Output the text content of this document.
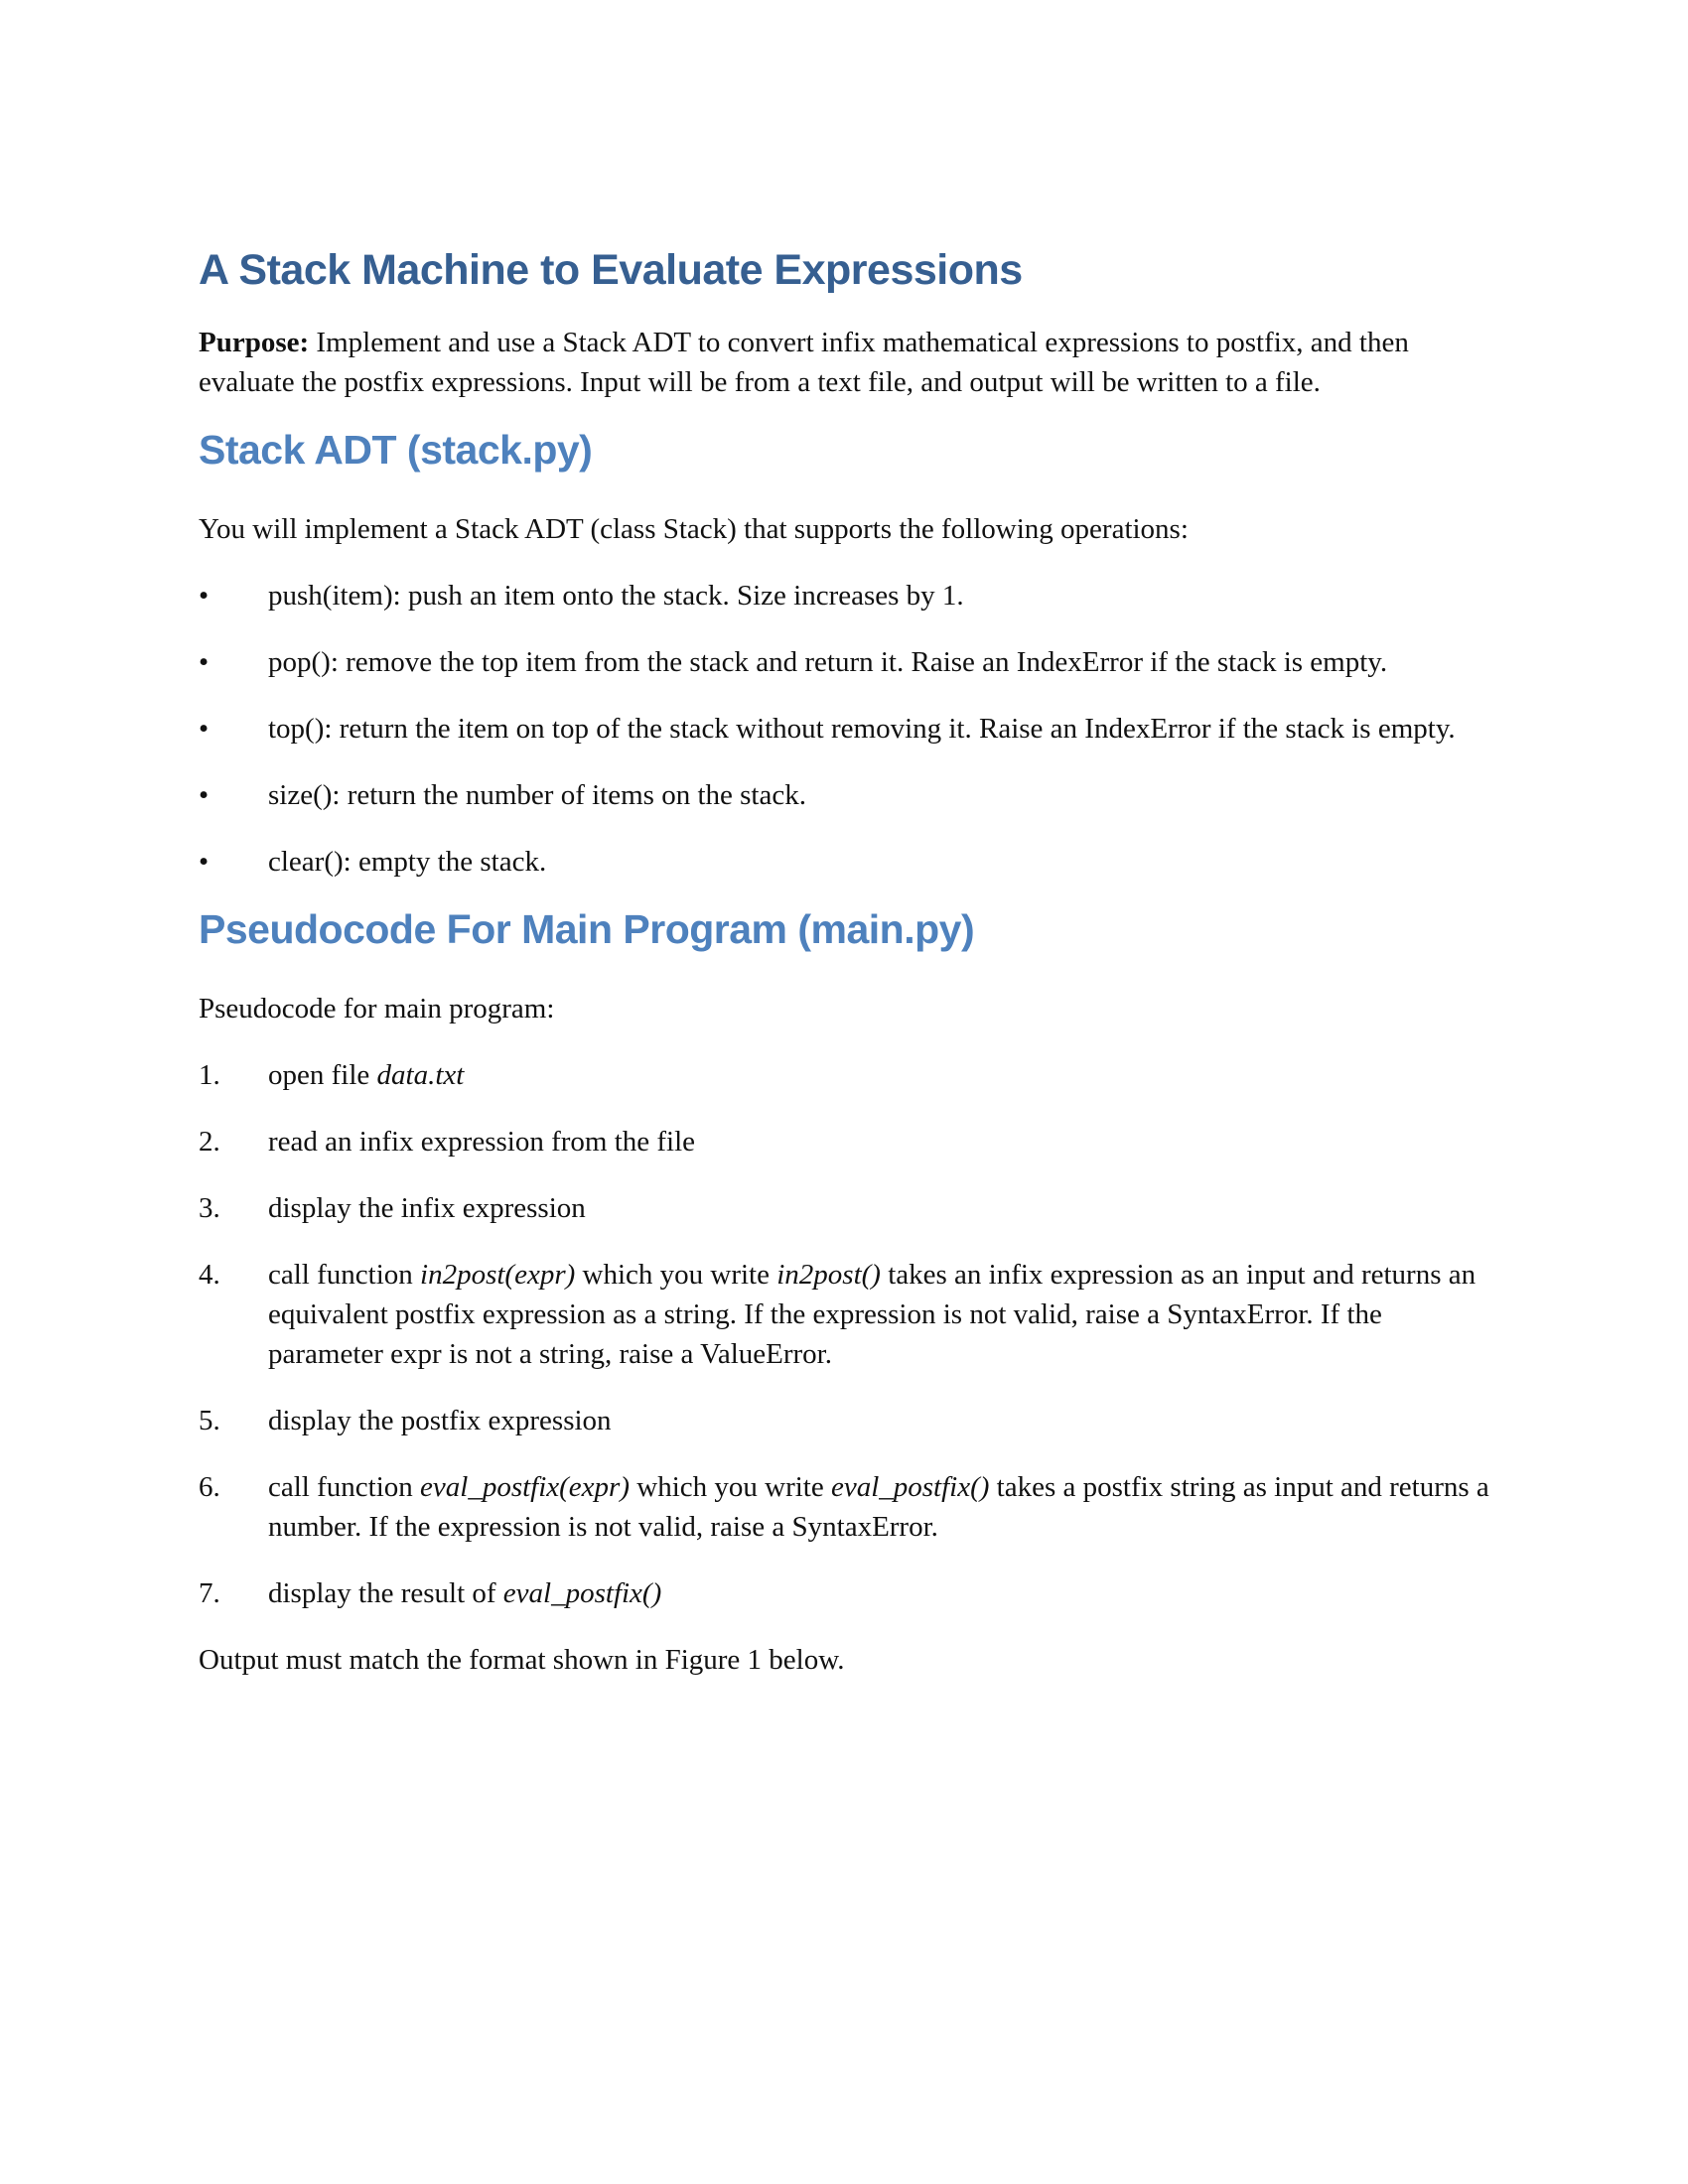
A Stack Machine to Evaluate Expressions

Purpose: Implement and use a Stack ADT to convert infix mathematical expressions to postfix, and then evaluate the postfix expressions. Input will be from a text file, and output will be written to a file.

Stack ADT (stack.py)

You will implement a Stack ADT (class Stack) that supports the following operations:

•	push(item): push an item onto the stack. Size increases by 1.
•	pop(): remove the top item from the stack and return it. Raise an IndexError if the stack is empty.
•	top(): return the item on top of the stack without removing it. Raise an IndexError if the stack is empty.
•	size(): return the number of items on the stack.
•	clear(): empty the stack.
Pseudocode For Main Program (main.py)

Pseudocode for main program:

1.	open file data.txt
2.	read an infix expression from the file
3.	display the infix expression
4.	call function in2post(expr) which you write in2post() takes an infix expression as an input and returns an equivalent postfix expression as a string. If the expression is not valid, raise a SyntaxError. If the parameter expr is not a string, raise a ValueError.
5.	display the postfix expression
6.	call function eval_postfix(expr) which you write eval_postfix() takes a postfix string as input and returns a number. If the expression is not valid, raise a SyntaxError.
7.	display the result of eval_postfix()

Output must match the format shown in Figure 1 below.
